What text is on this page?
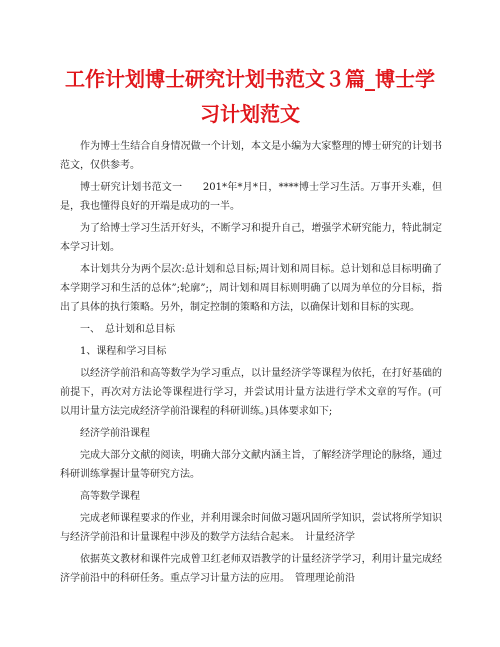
工作计划博士研究计划书范文３篇_博士学
习计划范文

作为博士生结合自身情况做一个计划，本文是小编为大家整理的博士研究的计划书范文，仅供参考。

博士研究计划书范文一　　201*年*月*日，****博士学习生活。万事开头难，但是，我也懂得良好的开端是成功的一半。

为了给博士学习生活开好头，不断学习和提升自己，增强学术研究能力，特此制定本学习计划。

本计划共分为两个层次:总计划和总目标;周计划和周目标。总计划和总目标明确了本学期学习和生活的总体”;轮廓”;，周计划和周目标则明确了以周为单位的分目标，指出了具体的执行策略。另外，制定控制的策略和方法，以确保计划和目标的实现。

一、　总计划和总目标

1、课程和学习目标

以经济学前沿和高等数学为学习重点，以计量经济学等课程为依托，在打好基础的前提下，再次对方法论等课程进行学习，并尝试用计量方法进行学术文章的写作。(可以用计量方法完成经济学前沿课程的科研训练。)具体要求如下;

经济学前沿课程

完成大部分文献的阅读，明确大部分文献内涵主旨，了解经济学理论的脉络，通过科研训练掌握计量等研究方法。

高等数学课程

完成老师课程要求的作业，并利用课余时间做习题巩固所学知识，尝试将所学知识与经济学前沿和计量课程中涉及的数学方法结合起来。　计量经济学

依据英文教材和课件完成曾卫红老师双语教学的计量经济学学习，利用计量完成经济学前沿中的科研任务。重点学习计量方法的应用。　管理理论前沿
